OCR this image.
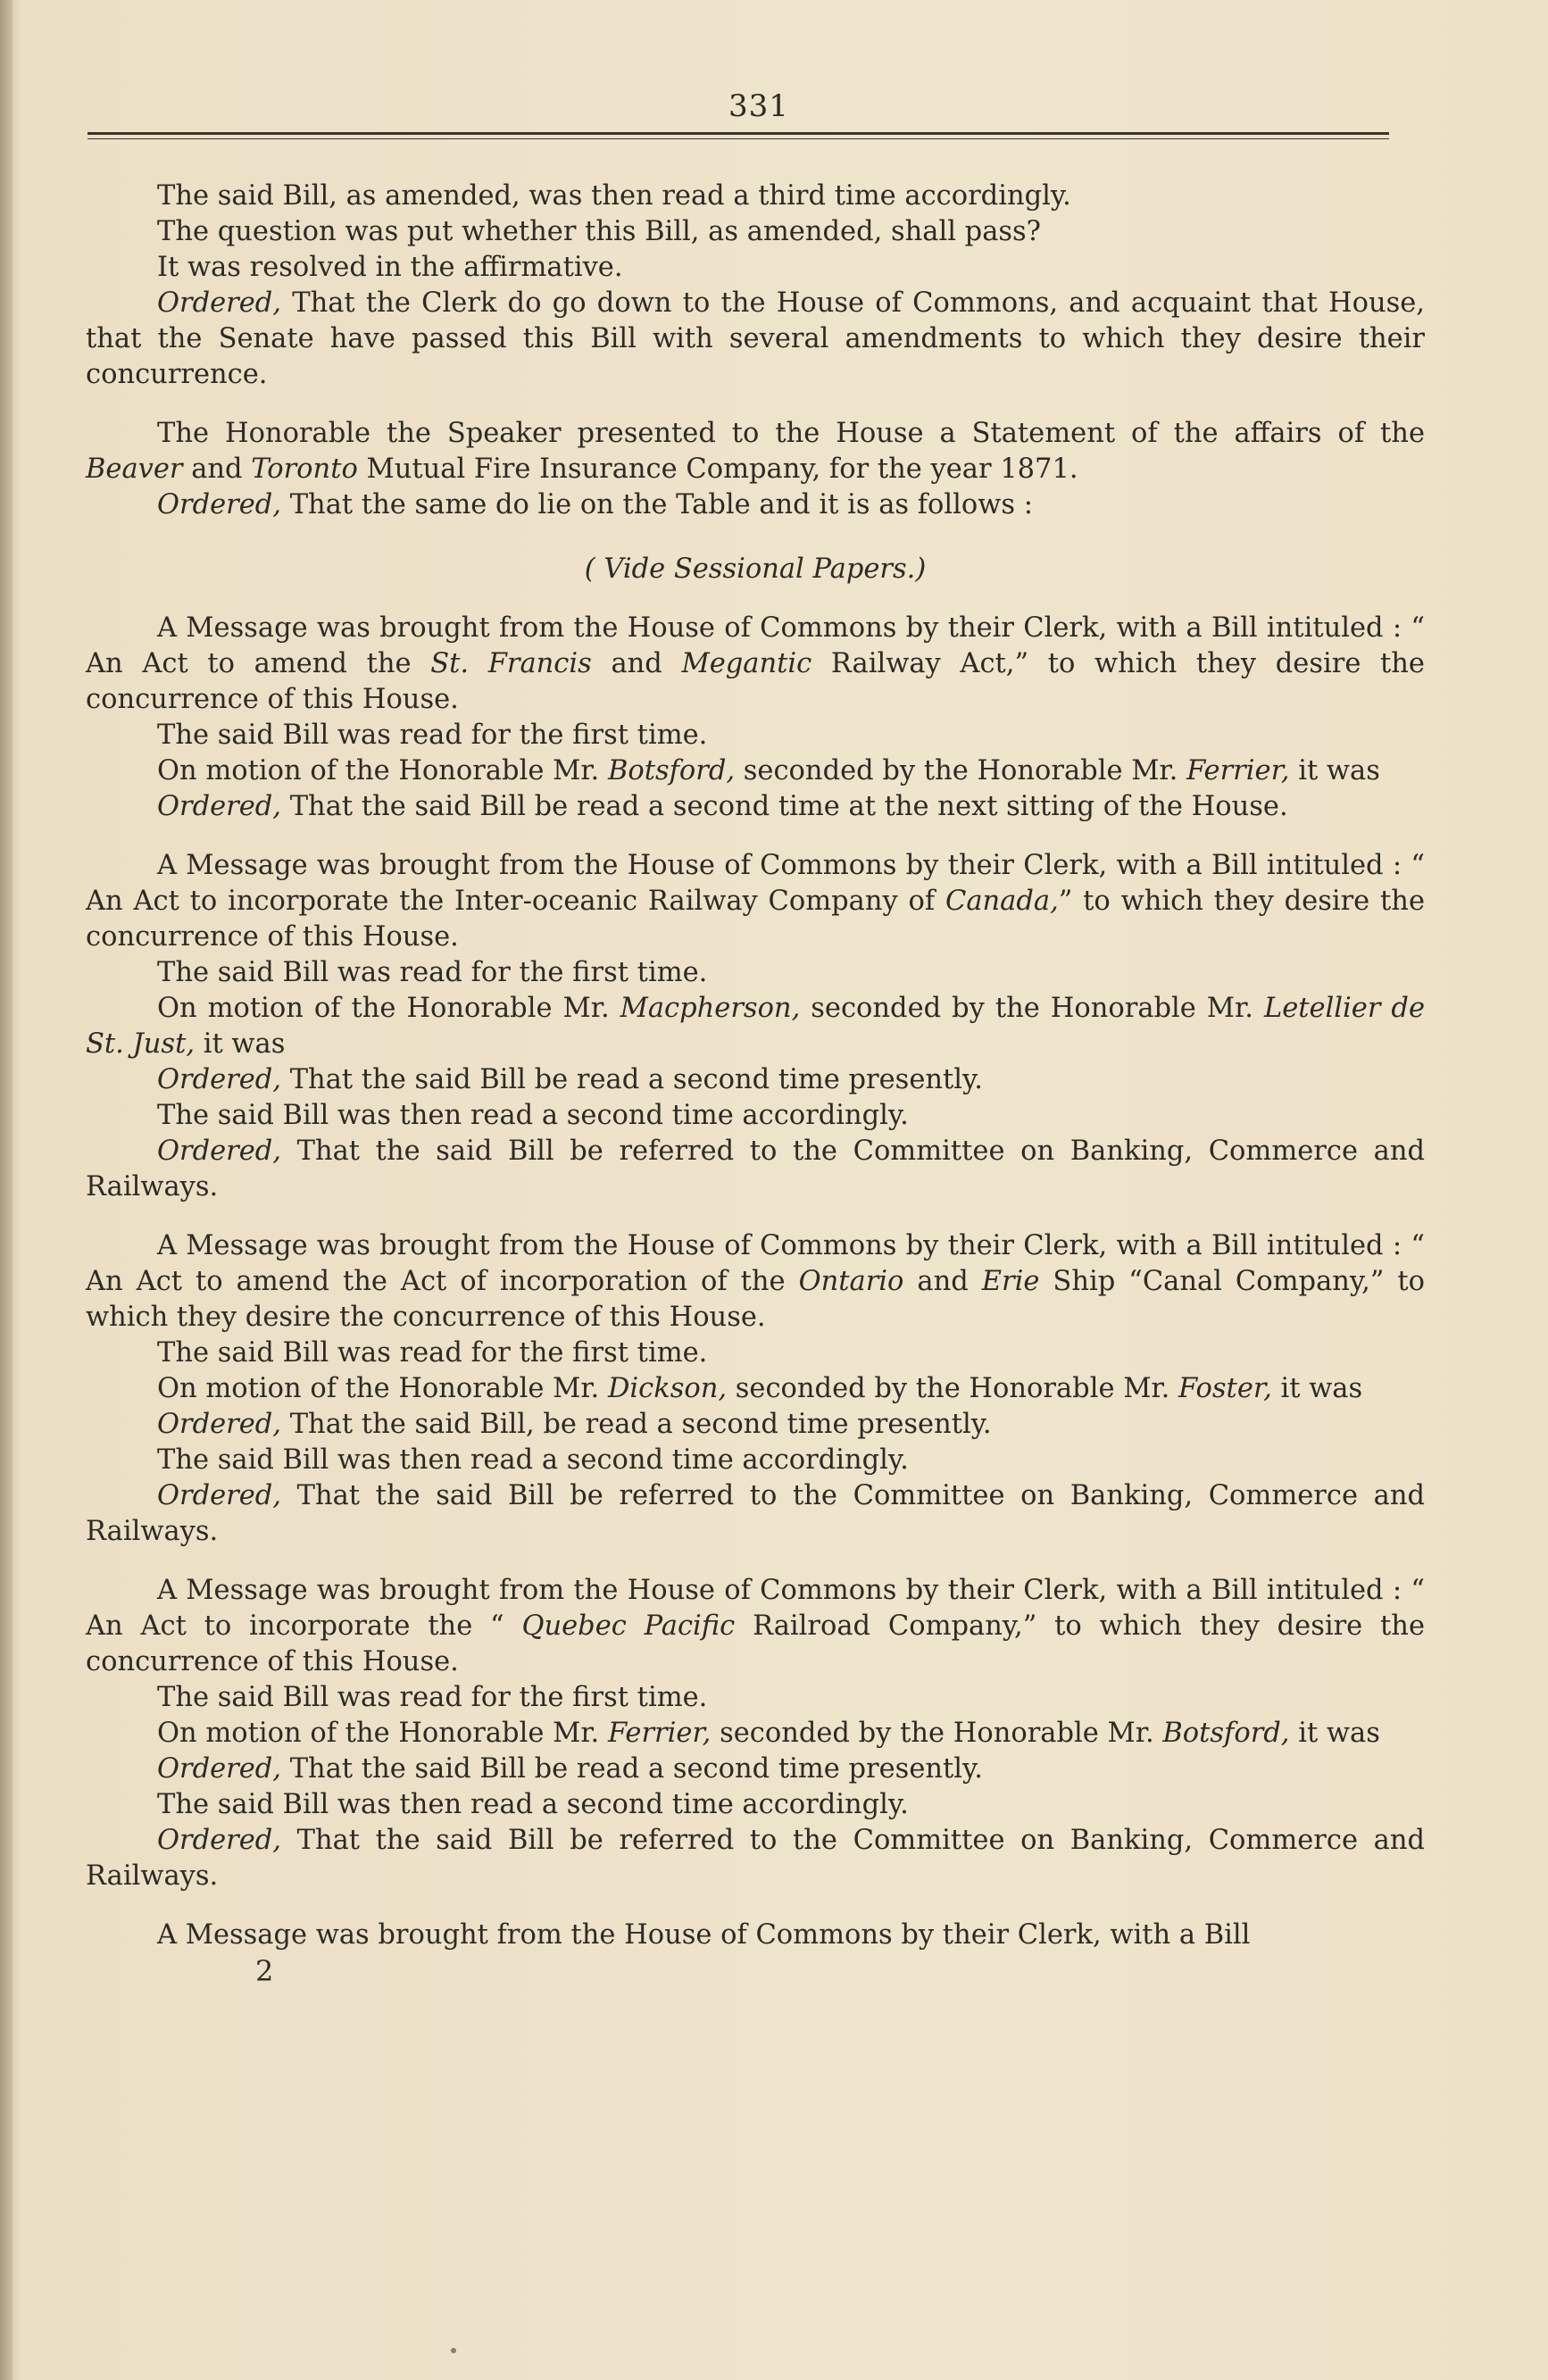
331

The said Bill, as amended, was then read a third time accordingly.

The question was put whether this Bill, as amended, shall pass?

It was resolved in the affirmative.

Ordered, That the Clerk do go down to the House of Commons, and acquaint that House, that the Senate have passed this Bill with several amendments to which they desire their concurrence.

The Honorable the Speaker presented to the House a Statement of the affairs of the Beaver and Toronto Mutual Fire Insurance Company, for the year 1871.

Ordered, That the same do lie on the Table and it is as follows :

( Vide Sessional Papers.)

A Message was brought from the House of Commons by their Clerk, with a Bill intituled : “ An Act to amend the St. Francis and Megantic Railway Act,” to which they desire the concurrence of this House.

The said Bill was read for the first time.

On motion of the Honorable Mr. Botsford, seconded by the Honorable Mr. Ferrier, it was

Ordered, That the said Bill be read a second time at the next sitting of the House.

A Message was brought from the House of Commons by their Clerk, with a Bill intituled : “ An Act to incorporate the Inter-oceanic Railway Company of Canada,” to which they desire the concurrence of this House.

The said Bill was read for the first time.

On motion of the Honorable Mr. Macpherson, seconded by the Honorable Mr. Letellier de St. Just, it was

Ordered, That the said Bill be read a second time presently.

The said Bill was then read a second time accordingly.

Ordered, That the said Bill be referred to the Committee on Banking, Commerce and Railways.

A Message was brought from the House of Commons by their Clerk, with a Bill intituled : “ An Act to amend the Act of incorporation of the Ontario and Erie Ship “Canal Company,” to which they desire the concurrence of this House.

The said Bill was read for the first time.

On motion of the Honorable Mr. Dickson, seconded by the Honorable Mr. Foster, it was

Ordered, That the said Bill, be read a second time presently.

The said Bill was then read a second time accordingly.

Ordered, That the said Bill be referred to the Committee on Banking, Commerce and Railways.

A Message was brought from the House of Commons by their Clerk, with a Bill intituled : “ An Act to incorporate the “ Quebec Pacific Railroad Company,” to which they desire the concurrence of this House.

The said Bill was read for the first time.

On motion of the Honorable Mr. Ferrier, seconded by the Honorable Mr. Botsford, it was

Ordered, That the said Bill be read a second time presently.

The said Bill was then read a second time accordingly.

Ordered, That the said Bill be referred to the Committee on Banking, Commerce and Railways.

A Message was brought from the House of Commons by their Clerk, with a Bill

2
